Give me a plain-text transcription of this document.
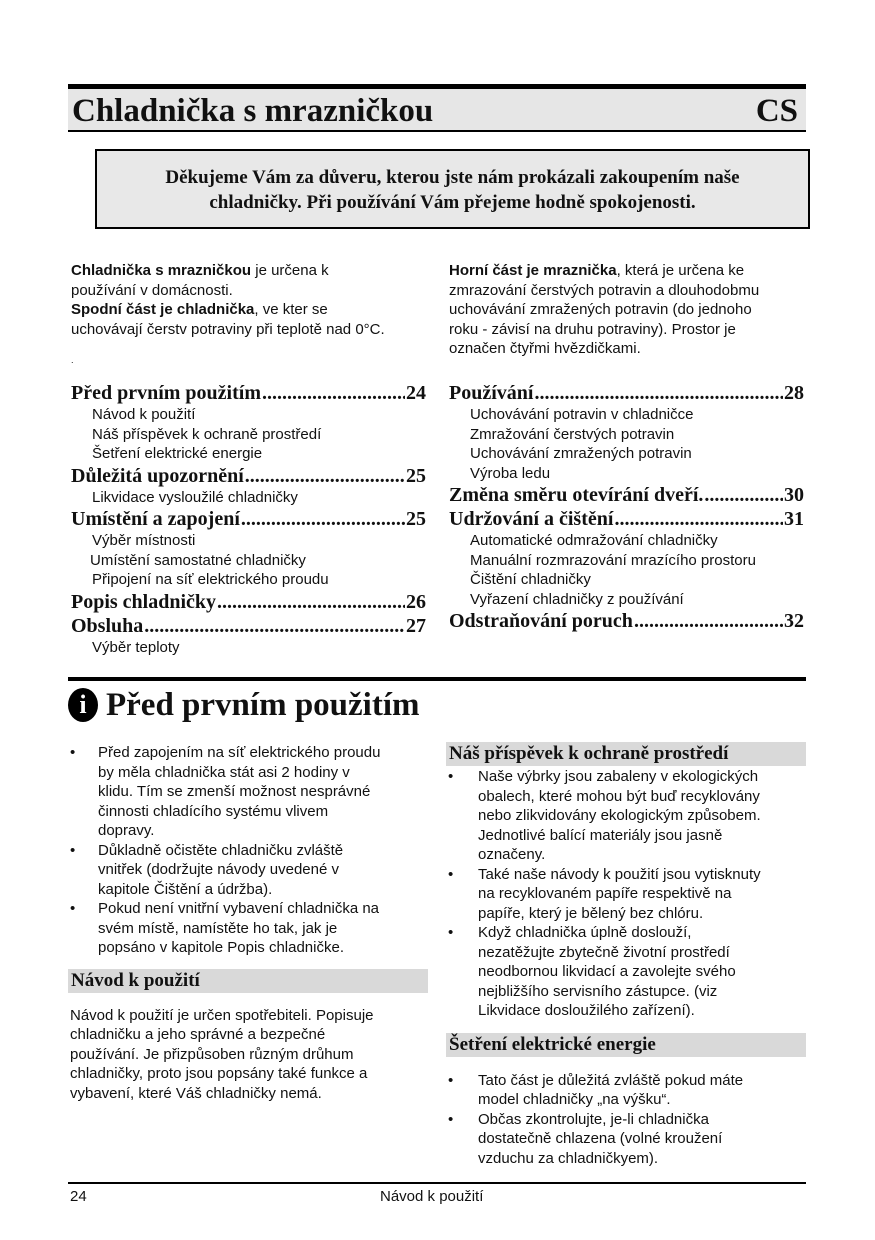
Chladnička s mrazničkou	CS
Děkujeme Vám za důveru, kterou jste nám prokázali zakoupením naše
chladničky. Při používání Vám přejeme hodně spokojenosti.
Chladnička s mrazničkou je určena k
používání v domácnosti.
Spodní část je chladnička, ve kter se
uchovávají čerstv potraviny při teplotě nad 0°C.
.
Horní část je mraznička, která je určena ke
zmrazování čerstvých potravin a dlouhodobmu
uchovávání zmražených potravin (do jednoho
roku - závisí na druhu potraviny). Prostor je
označen čtyřmi hvězdičkami.
Před prvním použitím .....	24
Návod k použití
Náš příspěvek k ochraně prostředí
Šetření elektrické energie
Důležitá upozornění .....	25
Likvidace vysloužilé chladničky
Umístění a zapojení .....	25
Výběr místnosti
Umístění samostatné chladničky
Připojení na síť elektrického proudu
Popis chladničky .....	26
Obsluha .....	27
Výběr teploty
Používání .....	28
Uchovávání potravin v chladničce
Zmražování čerstvých potravin
Uchovávání zmražených potravin
Výroba ledu
Změna směru otevírání dveří. .....	30
Udržování a čištění .....	31
Automatické odmražování chladničky
Manuální rozmrazování mrazícího prostoru
Čištění chladničky
Vyřazení chladničky z používání
Odstraňování poruch .....	32
i Před prvním použitím
• Před zapojením na síť elektrického proudu
by měla chladnička stát asi 2 hodiny v
klidu. Tím se zmenší možnost nesprávné
činnosti chladícího systému vlivem
dopravy.
• Důkladně očistěte chladničku zvláště
vnitřek (dodržujte návody uvedené v
kapitole Čištění a údržba).
• Pokud není vnitřní vybavení chladnička na
svém místě, namístěte ho tak, jak je
popsáno v kapitole Popis chladničke.
Návod k použití
Návod k použití je určen spotřebiteli. Popisuje
chladničku a jeho správné a bezpečné
používání. Je přizpůsoben různým drůhum
chladničky, proto jsou popsány také funkce a
vybavení, které Váš chladničky nemá.
Náš příspěvek k ochraně prostředí
• Naše výbrky jsou zabaleny v ekologických
obalech, které mohou být buď recyklovány
nebo zlikvidovány ekologickým způsobem.
Jednotlivé balící materiály jsou jasně
označeny.
• Také naše návody k použití jsou vytisknuty
na recyklovaném papíře respektivě na
papíře, který je bělený bez chlóru.
• Když chladnička úplně doslouží,
nezatěžujte zbytečně životní prostředí
neodbornou likvidací a zavolejte svého
nejbližšího servisního zástupce. (viz
Likvidace dosloužilého zařízení).
Šetření elektrické energie
• Tato část je důležitá zvláště pokud máte
model chladničky „na výšku“.
• Občas zkontrolujte, je-li chladnička
dostatečně chlazena (volné kroužení
vzduchu za chladničkyem).
24	Návod k použití
